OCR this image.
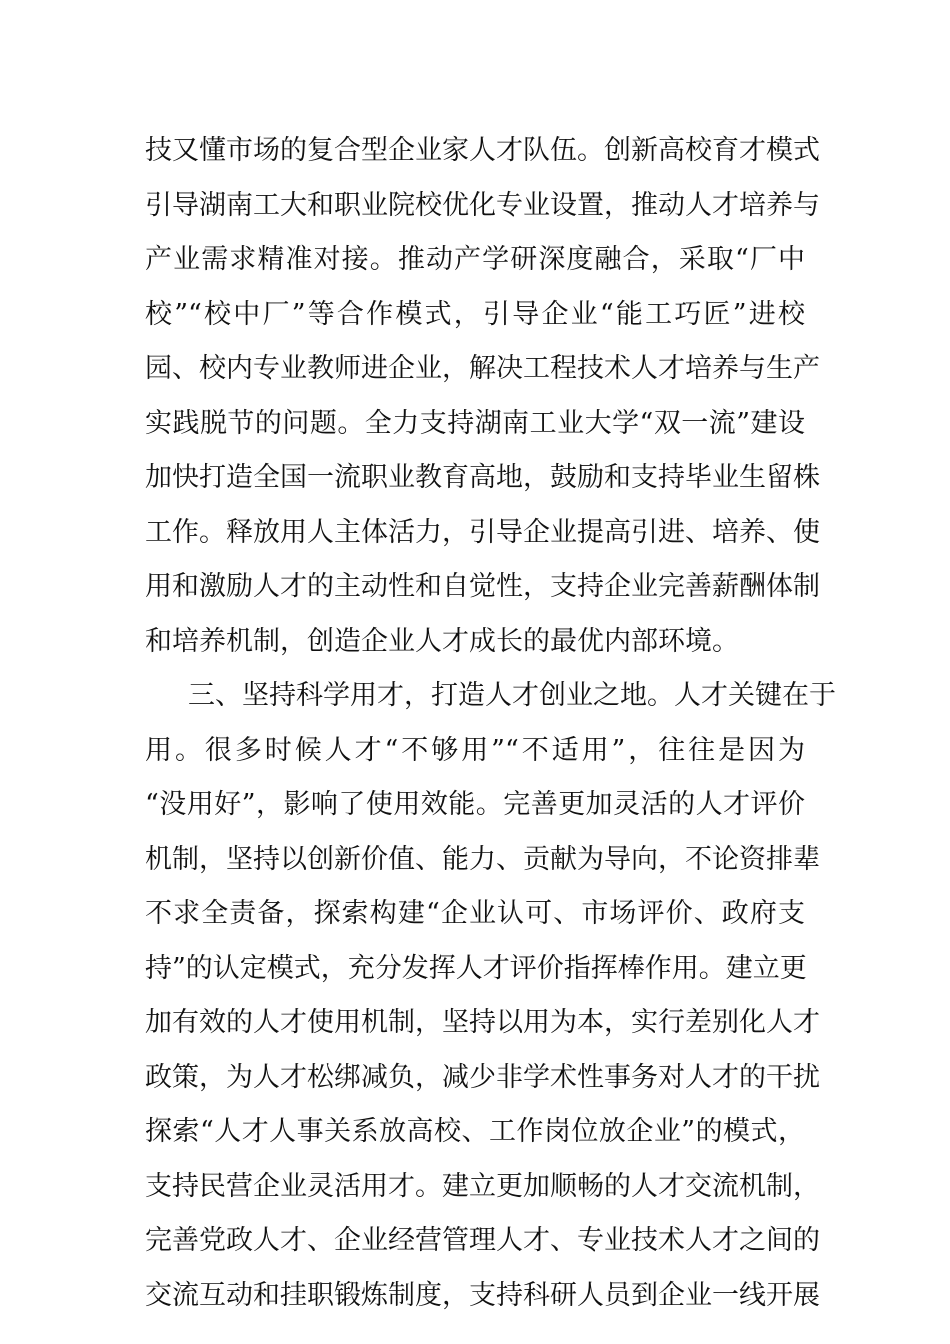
技又懂市场的复合型企业家人才队伍。创新高校育才模式
引导湖南工大和职业院校优化专业设置，推动人才培养与
产业需求精准对接。推动产学研深度融合，采取“厂中
校”“校中厂”等合作模式，引导企业“能工巧匠”进校
园、校内专业教师进企业，解决工程技术人才培养与生产
实践脱节的问题。全力支持湖南工业大学“双一流”建设
加快打造全国一流职业教育高地，鼓励和支持毕业生留株
工作。释放用人主体活力，引导企业提高引进、培养、使
用和激励人才的主动性和自觉性，支持企业完善薪酬体制
和培养机制，创造企业人才成长的最优内部环境。
三、坚持科学用才，打造人才创业之地。人才关键在于
用。很多时候人才“不够用”“不适用”，往往是因为
“没用好”，影响了使用效能。完善更加灵活的人才评价
机制，坚持以创新价值、能力、贡献为导向，不论资排辈
不求全责备，探索构建“企业认可、市场评价、政府支
持”的认定模式，充分发挥人才评价指挥棒作用。建立更
加有效的人才使用机制，坚持以用为本，实行差别化人才
政策，为人才松绑减负，减少非学术性事务对人才的干扰
探索“人才人事关系放高校、工作岗位放企业”的模式，
支持民营企业灵活用才。建立更加顺畅的人才交流机制，
完善党政人才、企业经营管理人才、专业技术人才之间的
交流互动和挂职锻炼制度，支持科研人员到企业一线开展
